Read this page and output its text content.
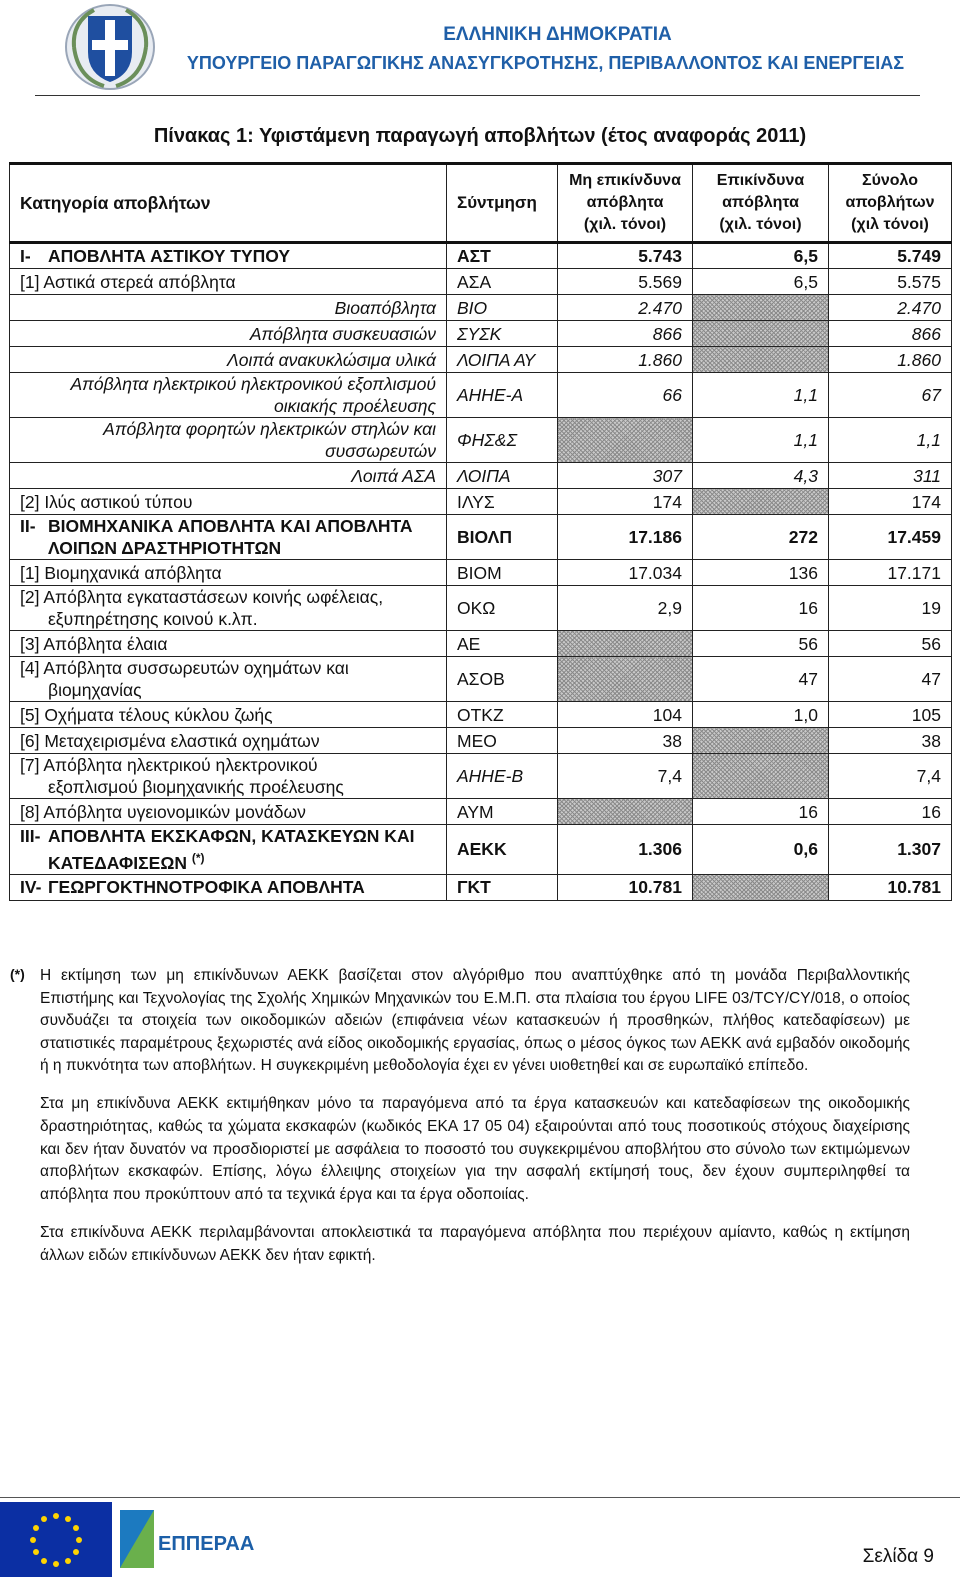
ΕΛΛΗΝΙΚΗ ΔΗΜΟΚΡΑΤΙΑ
ΥΠΟΥΡΓΕΙΟ ΠΑΡΑΓΩΓΙΚΗΣ ΑΝΑΣΥΓΚΡΟΤΗΣΗΣ, ΠΕΡΙΒΑΛΛΟΝΤΟΣ ΚΑΙ ΕΝΕΡΓΕΙΑΣ
Πίνακας 1: Υφιστάμενη παραγωγή αποβλήτων (έτος αναφοράς 2011)
Κατηγορία αποβλήτων	Σύντμηση	Μη επικίνδυνα
απόβλητα
(χιλ. τόνοι)	Επικίνδυνα
απόβλητα
(χιλ. τόνοι)	Σύνολο
αποβλήτων
(χιλ τόνοι)
I- ΑΠΟΒΛΗΤΑ ΑΣΤΙΚΟΥ ΤΥΠΟΥ	ΑΣΤ	5.743	6,5	5.749
[1] Αστικά στερεά απόβλητα	ΑΣΑ	5.569	6,5	5.575
Βιοαπόβλητα	ΒΙΟ	2.470		2.470
Απόβλητα συσκευασιών	ΣΥΣΚ	866		866
Λοιπά ανακυκλώσιμα υλικά	ΛΟΙΠΑ ΑΥ	1.860		1.860
Απόβλητα ηλεκτρικού ηλεκτρονικού εξοπλισμού
οικιακής προέλευσης	ΑΗΗΕ-Α	66	1,1	67
Απόβλητα φορητών ηλεκτρικών στηλών και
συσσωρευτών	ΦΗΣ&Σ		1,1	1,1
Λοιπά ΑΣΑ	ΛΟΙΠΑ	307	4,3	311
[2] Ιλύς αστικού τύπου	ΙΛΥΣ	174		174
II- ΒΙΟΜΗΧΑΝΙΚΑ ΑΠΟΒΛΗΤΑ ΚΑΙ ΑΠΟΒΛΗΤΑ
ΛΟΙΠΩΝ ΔΡΑΣΤΗΡΙΟΤΗΤΩΝ	ΒΙΟΛΠ	17.186	272	17.459
[1] Βιομηχανικά απόβλητα	ΒΙΟΜ	17.034	136	17.171
[2] Απόβλητα εγκαταστάσεων κοινής ωφέλειας,
εξυπηρέτησης κοινού κ.λπ.	ΟΚΩ	2,9	16	19
[3] Απόβλητα έλαια	ΑΕ		56	56
[4] Απόβλητα συσσωρευτών οχημάτων και
βιομηχανίας	ΑΣΟΒ		47	47
[5] Οχήματα τέλους κύκλου ζωής	ΟΤΚΖ	104	1,0	105
[6] Μεταχειρισμένα ελαστικά οχημάτων	ΜΕΟ	38		38
[7] Απόβλητα ηλεκτρικού ηλεκτρονικού
εξοπλισμού βιομηχανικής προέλευσης	ΑΗΗΕ-Β	7,4		7,4
[8] Απόβλητα υγειονομικών μονάδων	ΑΥΜ		16	16
III- ΑΠΟΒΛΗΤΑ ΕΚΣΚΑΦΩΝ, ΚΑΤΑΣΚΕΥΩΝ ΚΑΙ
ΚΑΤΕΔΑΦΙΣΕΩΝ (*)	ΑΕΚΚ	1.306	0,6	1.307
IV- ΓΕΩΡΓΟΚΤΗΝΟΤΡΟΦΙΚΑ ΑΠΟΒΛΗΤΑ	ΓΚΤ	10.781		10.781
(*) Η εκτίμηση των μη επικίνδυνων ΑΕΚΚ βασίζεται στον αλγόριθμο που αναπτύχθηκε από τη μονάδα Περιβαλλοντικής Επιστήμης και Τεχνολογίας της Σχολής Χημικών Μηχανικών του Ε.Μ.Π. στα πλαίσια του έργου LIFE 03/TCY/CY/018, ο οποίος συνδυάζει τα στοιχεία των οικοδομικών αδειών (επιφάνεια νέων κατασκευών ή προσθηκών, πλήθος κατεδαφίσεων) με στατιστικές παραμέτρους ξεχωριστές ανά είδος οικοδομικής εργασίας, όπως ο μέσος όγκος των ΑΕΚΚ ανά εμβαδόν οικοδομής ή η πυκνότητα των αποβλήτων. Η συγκεκριμένη μεθοδολογία έχει εν γένει υιοθετηθεί και σε ευρωπαϊκό επίπεδο.

Στα μη επικίνδυνα ΑΕΚΚ εκτιμήθηκαν μόνο τα παραγόμενα από τα έργα κατασκευών και κατεδαφίσεων της οικοδομικής δραστηριότητας, καθώς τα χώματα εκσκαφών (κωδικός ΕΚΑ 17 05 04) εξαιρούνται από τους ποσοτικούς στόχους διαχείρισης και δεν ήταν δυνατόν να προσδιοριστεί με ασφάλεια το ποσοστό του συγκεκριμένου αποβλήτου στο σύνολο των εκτιμώμενων αποβλήτων εκσκαφών. Επίσης, λόγω έλλειψης στοιχείων για την ασφαλή εκτίμησή τους, δεν έχουν συμπεριληφθεί τα απόβλητα που προκύπτουν από τα τεχνικά έργα και τα έργα οδοποιίας.

Στα επικίνδυνα ΑΕΚΚ περιλαμβάνονται αποκλειστικά τα παραγόμενα απόβλητα που περιέχουν αμίαντο, καθώς η εκτίμηση άλλων ειδών επικίνδυνων ΑΕΚΚ δεν ήταν εφικτή.

ΕΠΠΕΡΑΑ
Σελίδα 9
